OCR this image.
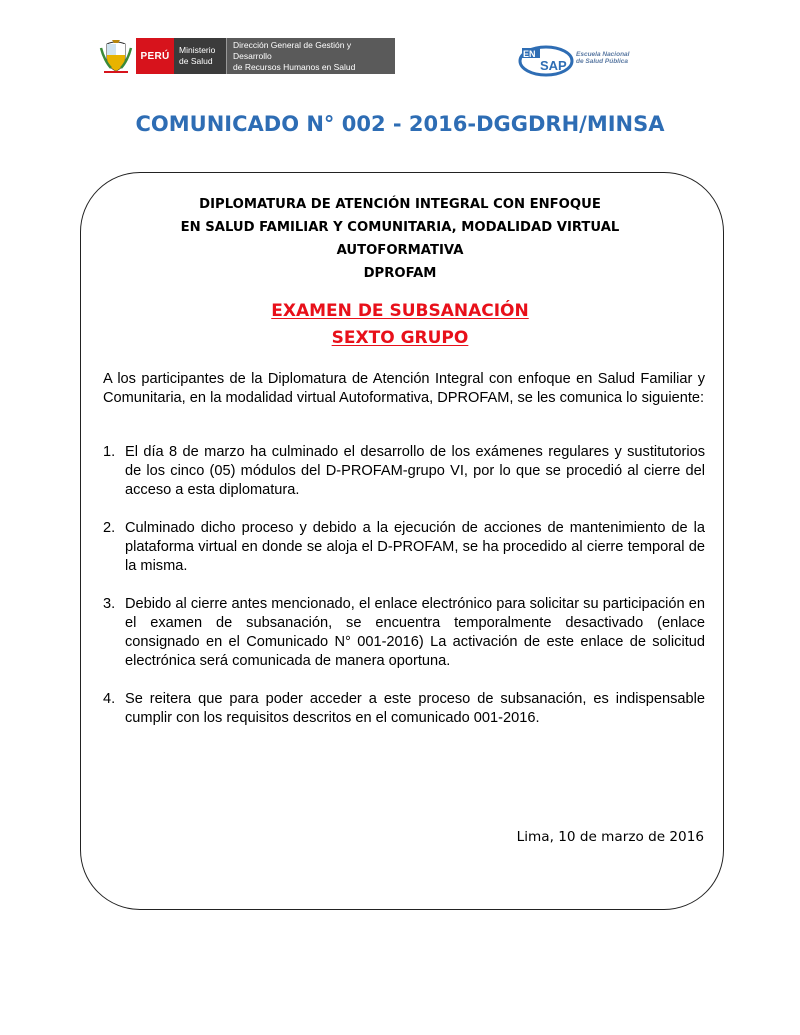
PERÚ
Ministerio
de Salud
Dirección General de Gestión y Desarrollo
de Recursos Humanos en Salud
EN
SAP
Escuela Nacional
de Salud Pública
COMUNICADO N° 002 - 2016-DGGDRH/MINSA
DIPLOMATURA DE ATENCIÓN INTEGRAL CON ENFOQUE
EN SALUD FAMILIAR Y COMUNITARIA, MODALIDAD VIRTUAL
AUTOFORMATIVA
DPROFAM
EXAMEN DE SUBSANACIÓN
SEXTO GRUPO
A los participantes de la Diplomatura de Atención Integral con enfoque en Salud Familiar y Comunitaria, en la modalidad virtual Autoformativa, DPROFAM, se les comunica lo siguiente:
1. El día 8 de marzo ha culminado el desarrollo de los exámenes regulares y sustitutorios de los cinco (05) módulos del D-PROFAM-grupo VI, por lo que se procedió al cierre del acceso a esta diplomatura.
2. Culminado dicho proceso y debido a la ejecución de acciones de mantenimiento de la plataforma virtual en donde se aloja el D-PROFAM, se ha procedido al cierre temporal de la misma.
3. Debido al cierre antes mencionado, el enlace electrónico para solicitar su participación en el examen de subsanación, se encuentra temporalmente desactivado (enlace consignado en el Comunicado N° 001-2016) La activación de este enlace de solicitud electrónica será comunicada de manera oportuna.
4. Se reitera que para poder acceder a este proceso de subsanación, es indispensable cumplir con los requisitos descritos en el comunicado 001-2016.
Lima, 10 de marzo de 2016
